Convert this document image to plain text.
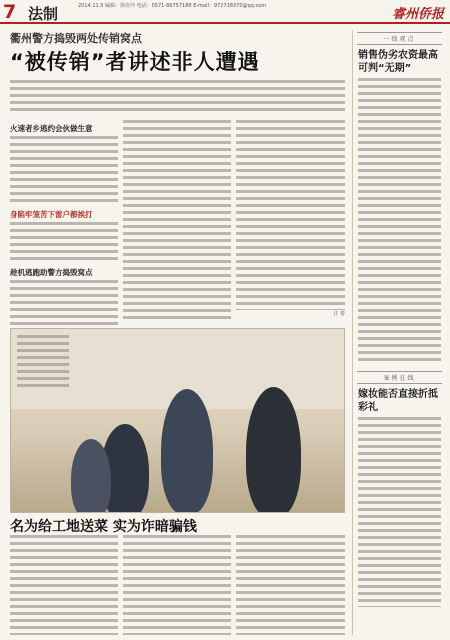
7 法制	2014.11.5 编辑：徐佳玲 电话：0571-86757188 E-mail：972718370@qq.com
睿州侨报
衢州警方捣毁两处传销窝点
“被传销”者讲述非人遭遇
火速者乡逃约会伙做生意
身陷牢笼苦下雷户都挨打
趁机逃跑助警方捣毁窝点
汪 蕾
名为给工地送菜 实为诈暗骗钱
一线观点
销售伪劣农资最高可判“无期”
案例在线
嫁妆能否直接折抵彩礼
